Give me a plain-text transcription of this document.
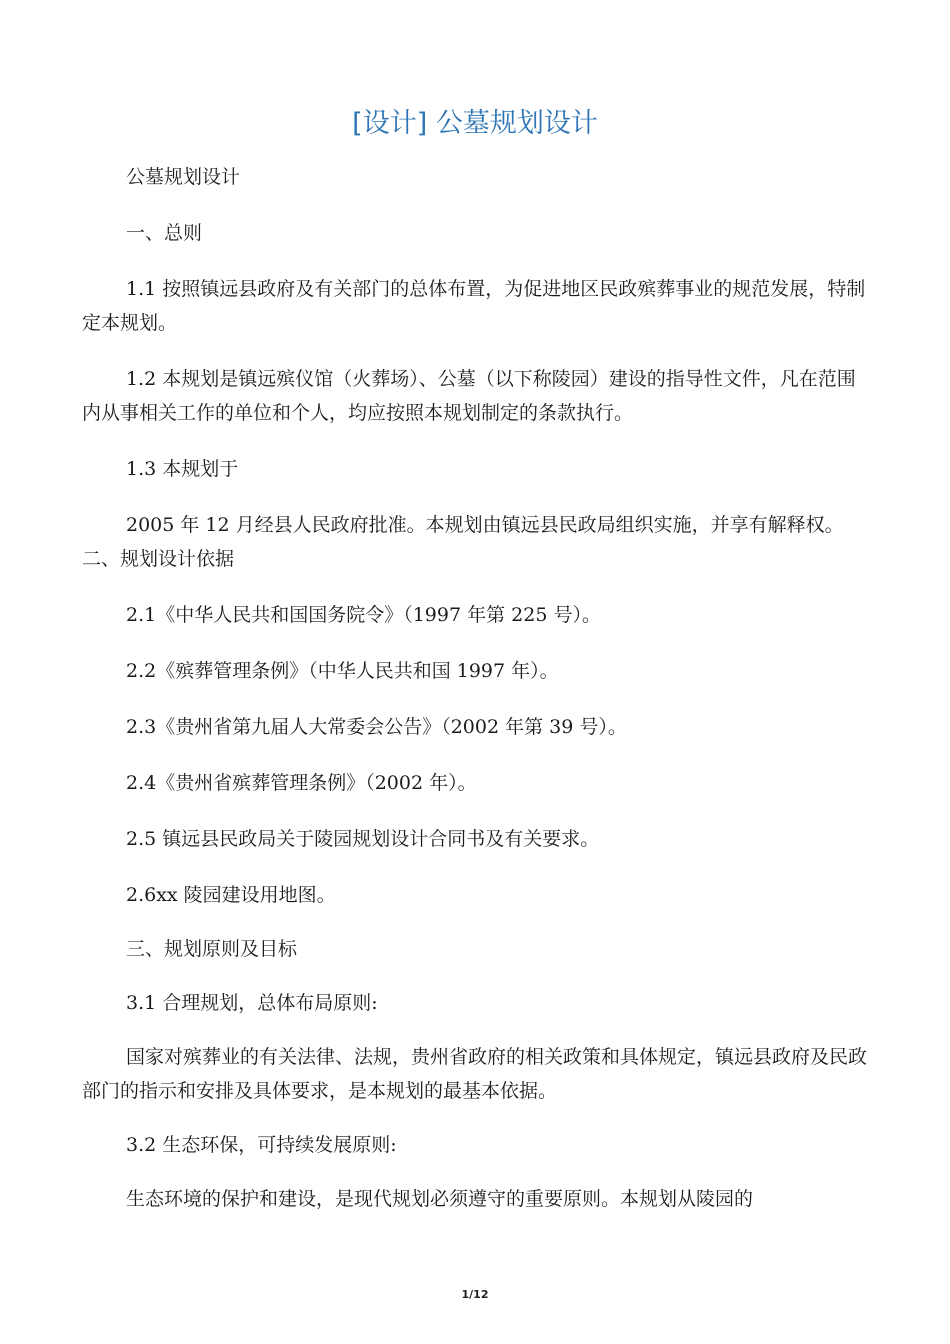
[设计] 公墓规划设计

公墓规划设计

一、总则

1.1 按照镇远县政府及有关部门的总体布置，为促进地区民政殡葬事业的规范发展，特制定本规划。

1.2 本规划是镇远殡仪馆（火葬场）、公墓（以下称陵园）建设的指导性文件，凡在范围内从事相关工作的单位和个人，均应按照本规划制定的条款执行。

1.3 本规划于

2005 年 12 月经县人民政府批准。本规划由镇远县民政局组织实施，并享有解释权。二、规划设计依据

2.1《中华人民共和国国务院令》（1997 年第 225 号）。

2.2《殡葬管理条例》（中华人民共和国 1997 年）。

2.3《贵州省第九届人大常委会公告》（2002 年第 39 号）。

2.4《贵州省殡葬管理条例》（2002 年）。

2.5 镇远县民政局关于陵园规划设计合同书及有关要求。

2.6xx 陵园建设用地图。

三、规划原则及目标

3.1 合理规划，总体布局原则:

国家对殡葬业的有关法律、法规，贵州省政府的相关政策和具体规定，镇远县政府及民政部门的指示和安排及具体要求，是本规划的最基本依据。

3.2 生态环保，可持续发展原则:

生态环境的保护和建设，是现代规划必须遵守的重要原则。本规划从陵园的

1/12
